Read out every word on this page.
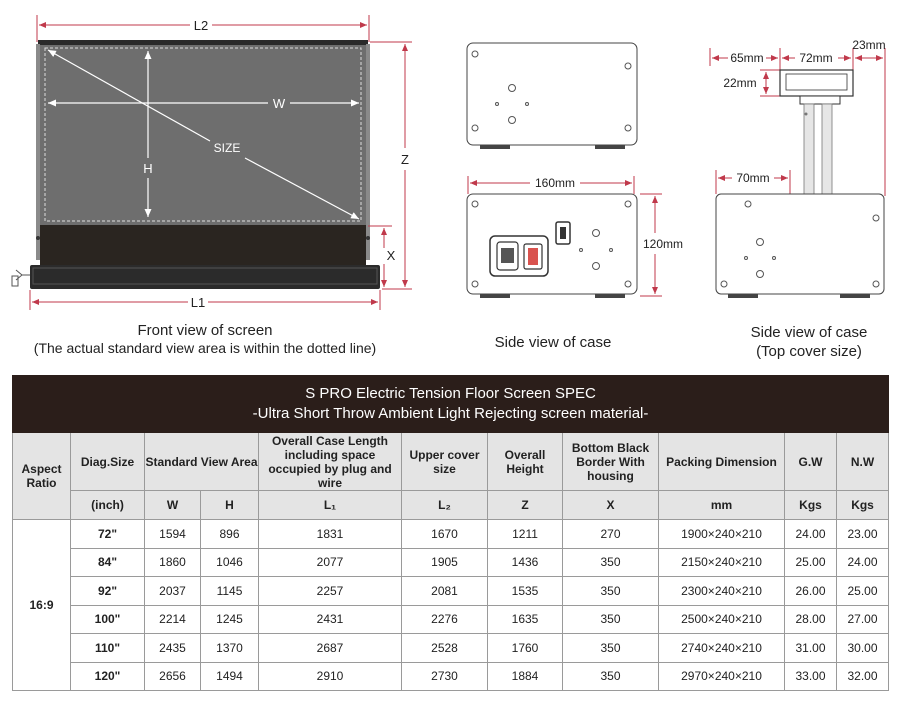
L2
W
H
SIZE
Z
X
L1
160mm
120mm
65mm	72mm
23mm
22mm
70mm
Front view of screen
(The actual standard view area is within the dotted line)	Side view of case
Side view of case
(Top cover size)
S PRO Electric Tension Floor Screen SPEC
-Ultra Short Throw Ambient Light Rejecting screen material-										

Aspect Ratio	Diag.Size	Standard View Area		Overall Case Length including space occupied by plug and wire	Upper cover size	Overall Height	Bottom Black Border With housing	Packing Dimension	G.W	N.W
	(inch)	W	H	L₁	L₂	Z	X	mm	Kgs	Kgs
16:9	72"	1594	896	1831	1670	1211	270	1900×240×210	24.00	23.00
	84"	1860	1046	2077	1905	1436	350	2150×240×210	25.00	24.00
	92"	2037	1145	2257	2081	1535	350	2300×240×210	26.00	25.00
	100"	2214	1245	2431	2276	1635	350	2500×240×210	28.00	27.00
	110"	2435	1370	2687	2528	1760	350	2740×240×210	31.00	30.00
	120"	2656	1494	2910	2730	1884	350	2970×240×210	33.00	32.00
